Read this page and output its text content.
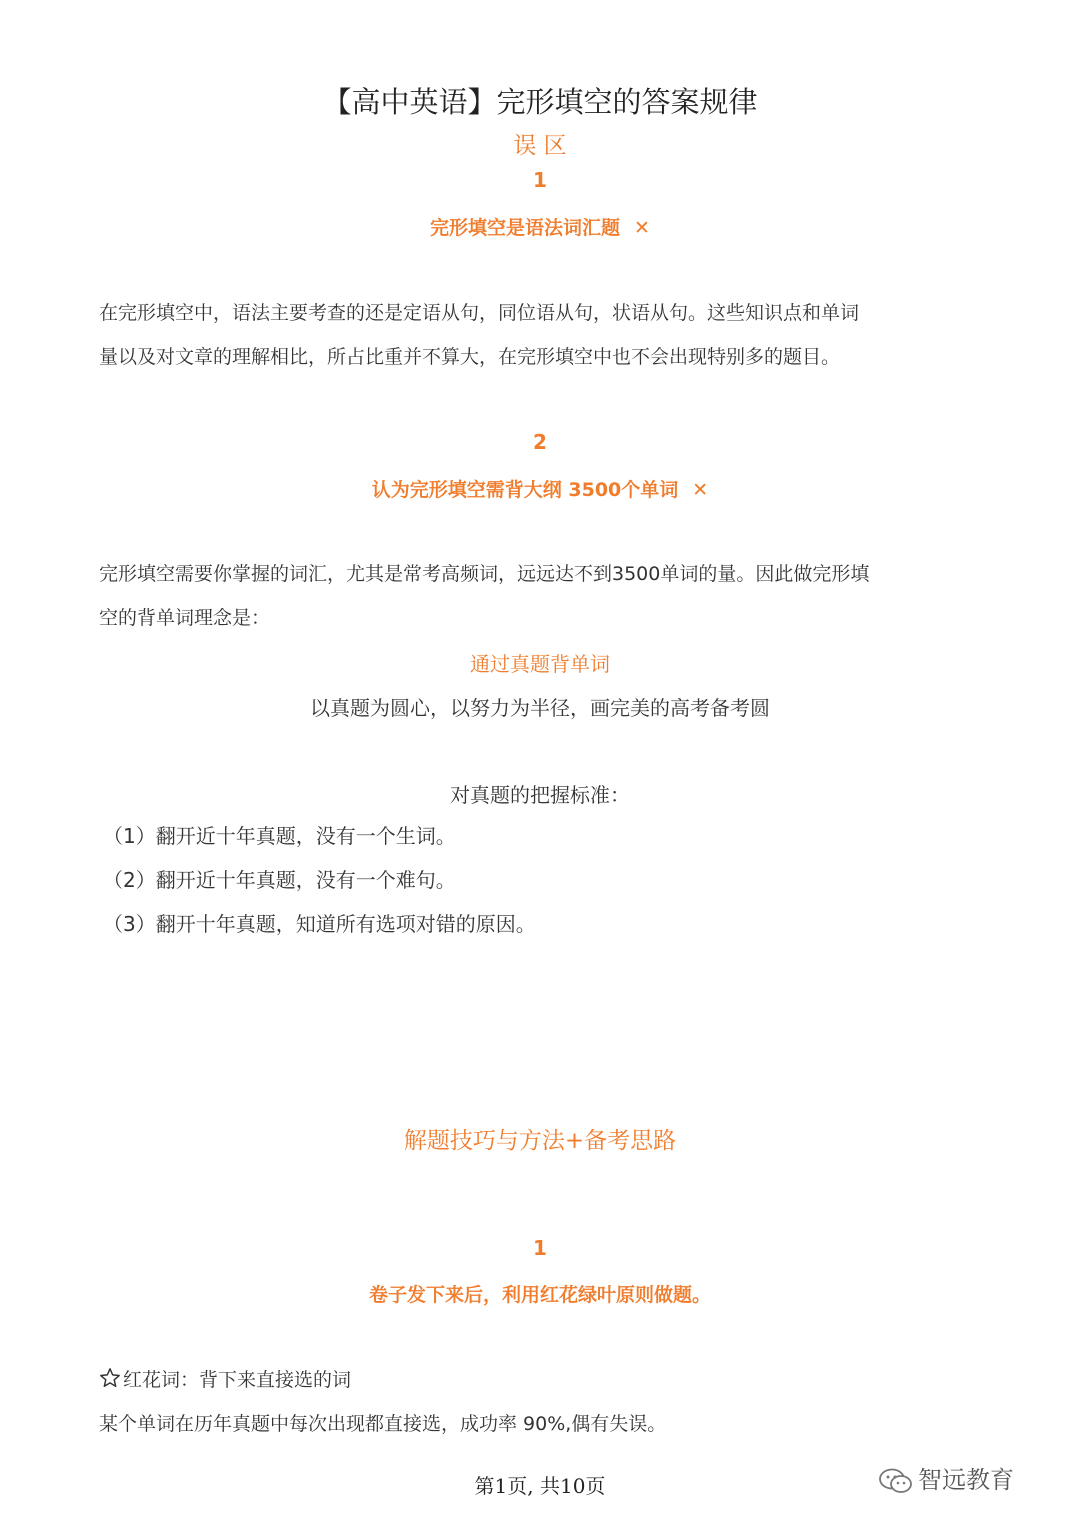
【高中英语】完形填空的答案规律
误 区
1
完形填空是语法词汇题 ✕
在完形填空中，语法主要考查的还是定语从句，同位语从句，状语从句。这些知识点和单词
量以及对文章的理解相比，所占比重并不算大，在完形填空中也不会出现特别多的题目。
2
认为完形填空需背大纲 3500个单词 ✕
完形填空需要你掌握的词汇，尤其是常考高频词，远远达不到3500单词的量。因此做完形填
空的背单词理念是：
通过真题背单词
以真题为圆心，以努力为半径，画完美的高考备考圆
对真题的把握标准：
（1）翻开近十年真题，没有一个生词。
（2）翻开近十年真题，没有一个难句。
（3）翻开十年真题，知道所有选项对错的原因。
解题技巧与方法+备考思路
1
卷子发下来后，利用红花绿叶原则做题。
红花词：背下来直接选的词
某个单词在历年真题中每次出现都直接选，成功率 90%,偶有失误。
第1页, 共10页	智远教育
